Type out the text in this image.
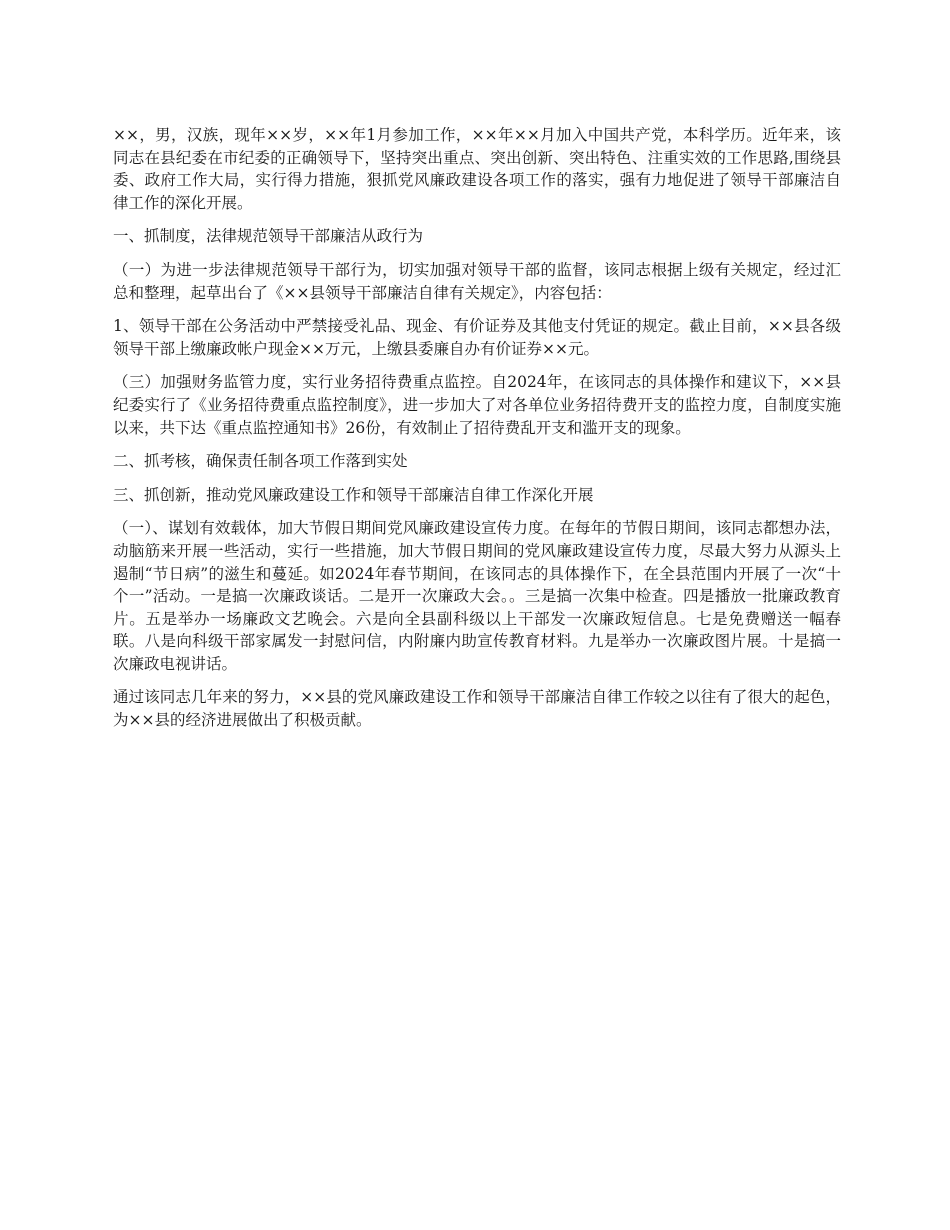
××，男，汉族，现年××岁，××年1月参加工作，××年××月加入中国共产党，本科学历。近年来，该同志在县纪委在市纪委的正确领导下，坚持突出重点、突出创新、突出特色、注重实效的工作思路,围绕县委、政府工作大局，实行得力措施，狠抓党风廉政建设各项工作的落实，强有力地促进了领导干部廉洁自律工作的深化开展。

一、抓制度，法律规范领导干部廉洁从政行为

（一）为进一步法律规范领导干部行为，切实加强对领导干部的监督，该同志根据上级有关规定，经过汇总和整理，起草出台了《××县领导干部廉洁自律有关规定》，内容包括：

1、领导干部在公务活动中严禁接受礼品、现金、有价证券及其他支付凭证的规定。截止目前，××县各级领导干部上缴廉政帐户现金××万元，上缴县委廉自办有价证券××元。

（三）加强财务监管力度，实行业务招待费重点监控。自2024年，在该同志的具体操作和建议下，××县纪委实行了《业务招待费重点监控制度》，进一步加大了对各单位业务招待费开支的监控力度，自制度实施以来，共下达《重点监控通知书》26份，有效制止了招待费乱开支和滥开支的现象。

二、抓考核，确保责任制各项工作落到实处

三、抓创新，推动党风廉政建设工作和领导干部廉洁自律工作深化开展

（一）、谋划有效载体，加大节假日期间党风廉政建设宣传力度。在每年的节假日期间，该同志都想办法，动脑筋来开展一些活动，实行一些措施，加大节假日期间的党风廉政建设宣传力度，尽最大努力从源头上遏制“节日病”的滋生和蔓延。如2024年春节期间，在该同志的具体操作下，在全县范围内开展了一次“十个一”活动。一是搞一次廉政谈话。二是开一次廉政大会。。三是搞一次集中检查。四是播放一批廉政教育片。五是举办一场廉政文艺晚会。六是向全县副科级以上干部发一次廉政短信息。七是免费赠送一幅春联。八是向科级干部家属发一封慰问信，内附廉内助宣传教育材料。九是举办一次廉政图片展。十是搞一次廉政电视讲话。

通过该同志几年来的努力，××县的党风廉政建设工作和领导干部廉洁自律工作较之以往有了很大的起色，为××县的经济进展做出了积极贡献。
